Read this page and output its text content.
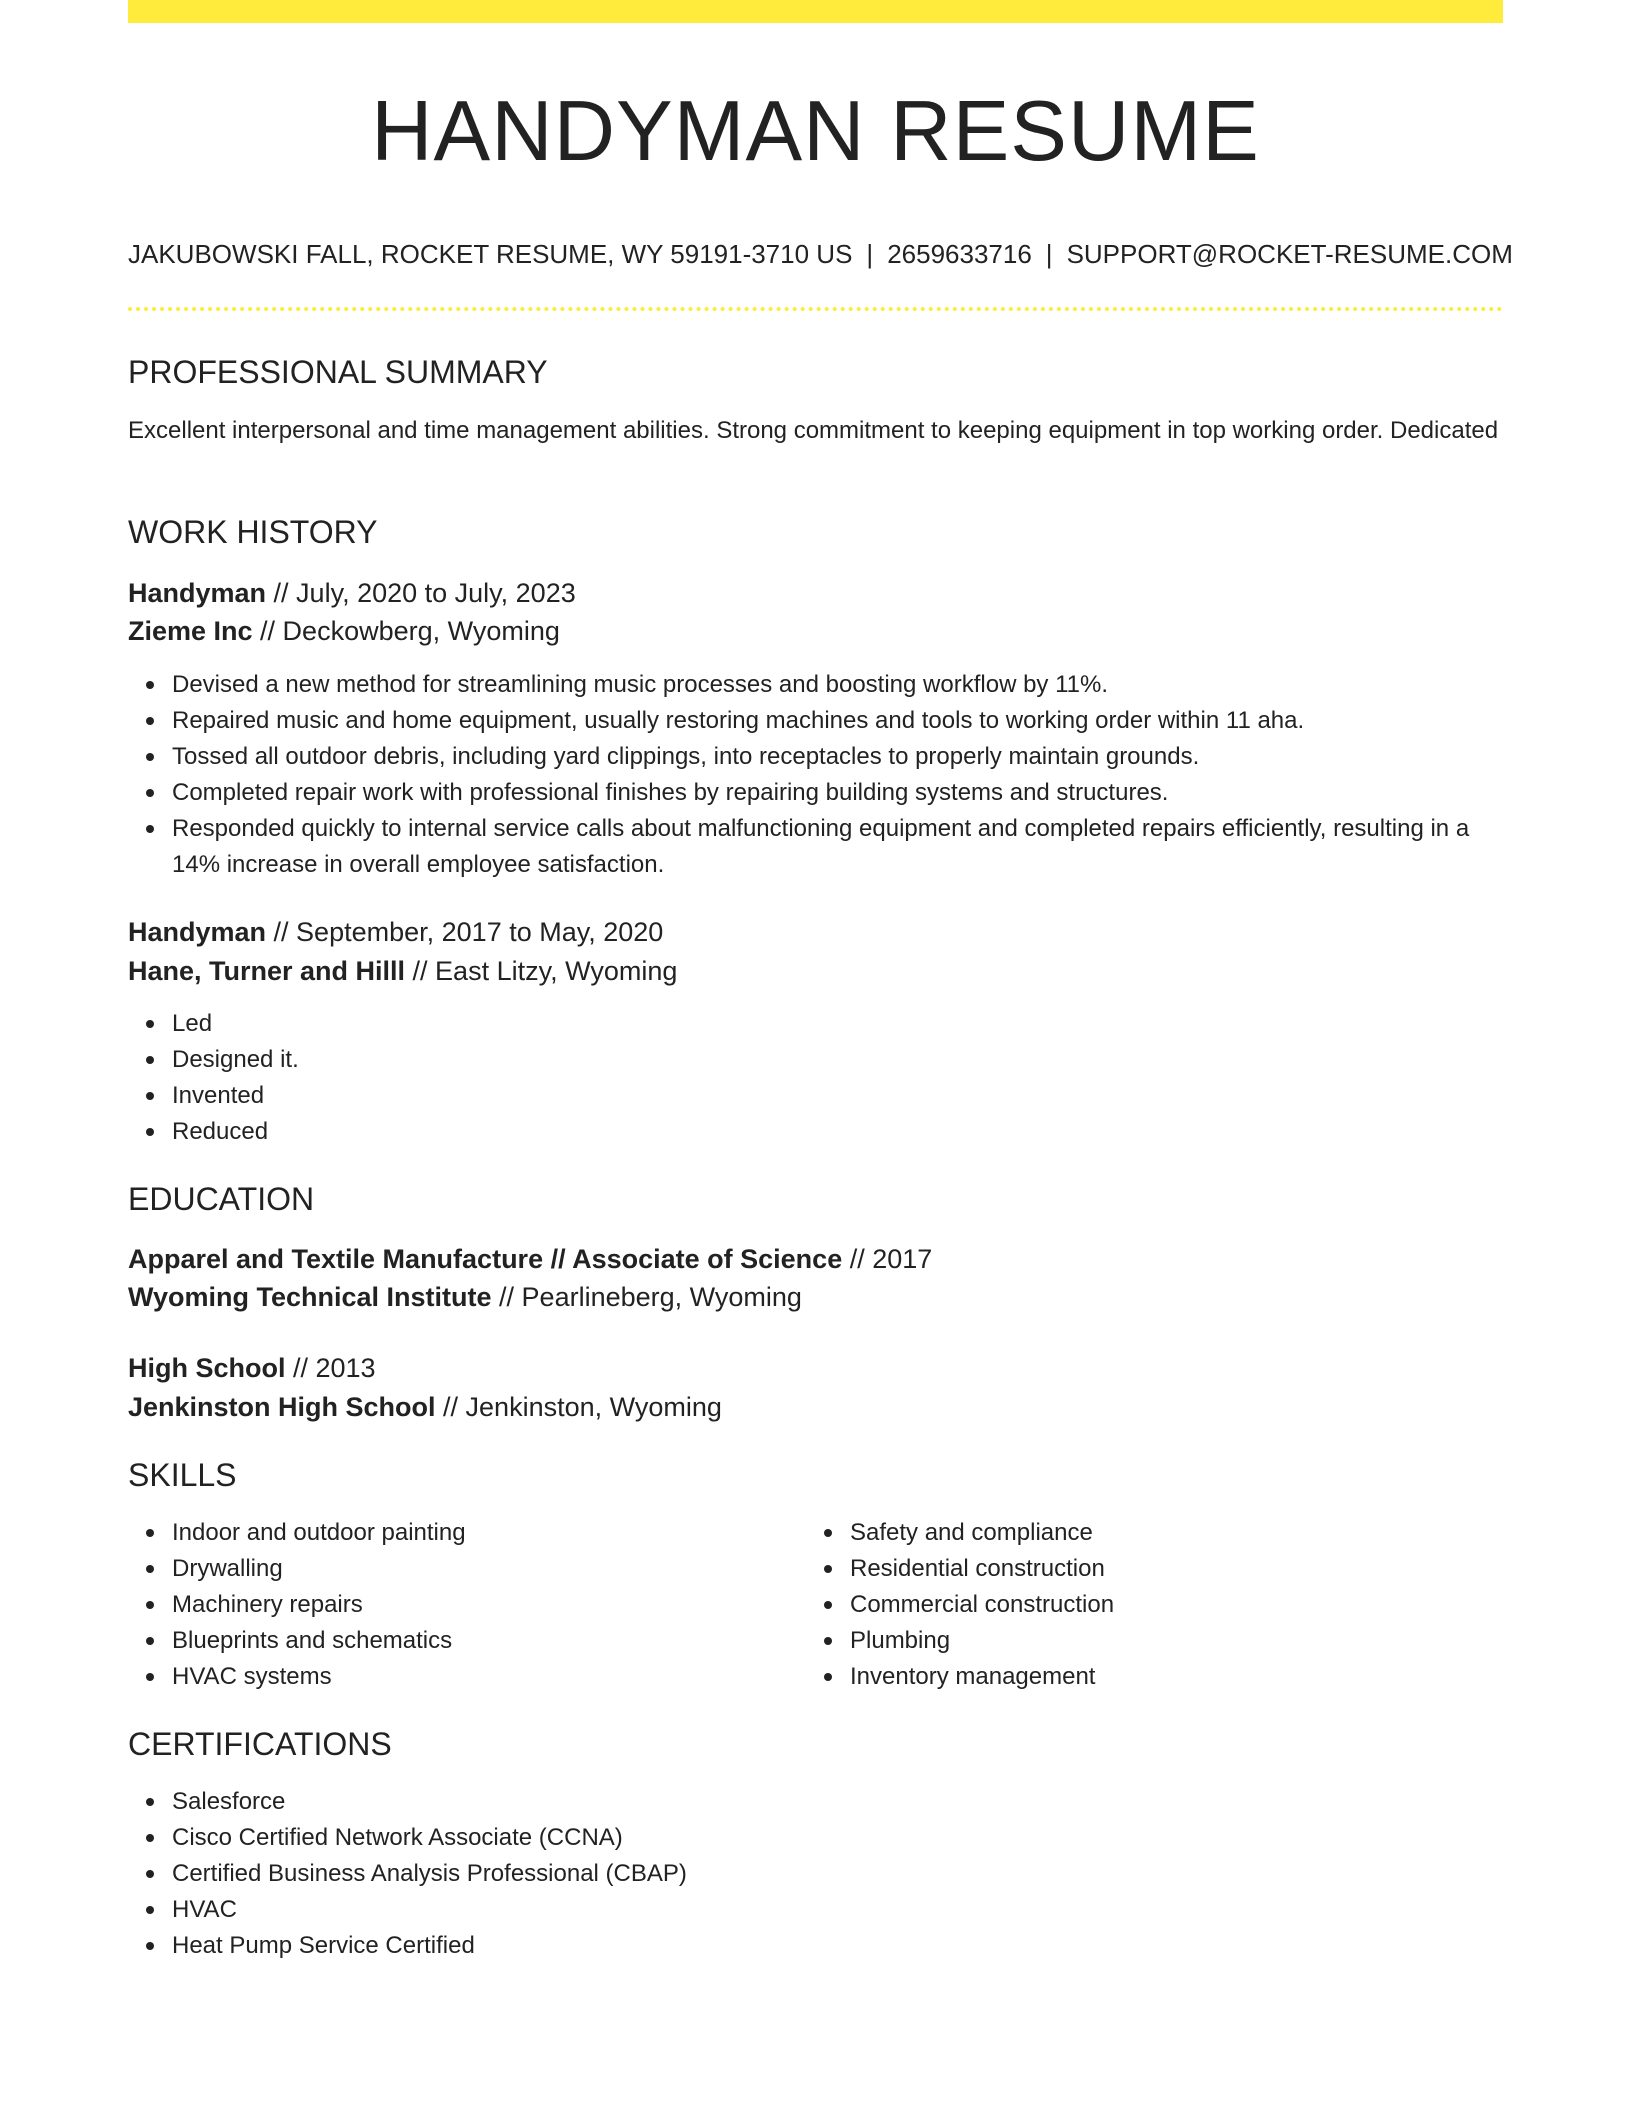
HANDYMAN RESUME
JAKUBOWSKI FALL, ROCKET RESUME, WY 59191-3710 US | 2659633716 | SUPPORT@ROCKET-RESUME.COM
PROFESSIONAL SUMMARY

Excellent interpersonal and time management abilities. Strong commitment to keeping equipment in top working order. Dedicated

WORK HISTORY
Handyman // July, 2020 to July, 2023
Zieme Inc // Deckowberg, Wyoming
Devised a new method for streamlining music processes and boosting workflow by 11%.
Repaired music and home equipment, usually restoring machines and tools to working order within 11 aha.
Tossed all outdoor debris, including yard clippings, into receptacles to properly maintain grounds.
Completed repair work with professional finishes by repairing building systems and structures.
Responded quickly to internal service calls about malfunctioning equipment and completed repairs efficiently, resulting in a 14% increase in overall employee satisfaction.
Handyman // September, 2017 to May, 2020
Hane, Turner and Hilll // East Litzy, Wyoming
Led
Designed it.
Invented
Reduced
EDUCATION
Apparel and Textile Manufacture // Associate of Science // 2017
Wyoming Technical Institute // Pearlineberg, Wyoming
High School // 2013
Jenkinston High School // Jenkinston, Wyoming
SKILLS
Indoor and outdoor painting
Drywalling
Machinery repairs
Blueprints and schematics
HVAC systems
Safety and compliance
Residential construction
Commercial construction
Plumbing
Inventory management
CERTIFICATIONS
Salesforce
Cisco Certified Network Associate (CCNA)
Certified Business Analysis Professional (CBAP)
HVAC
Heat Pump Service Certified
